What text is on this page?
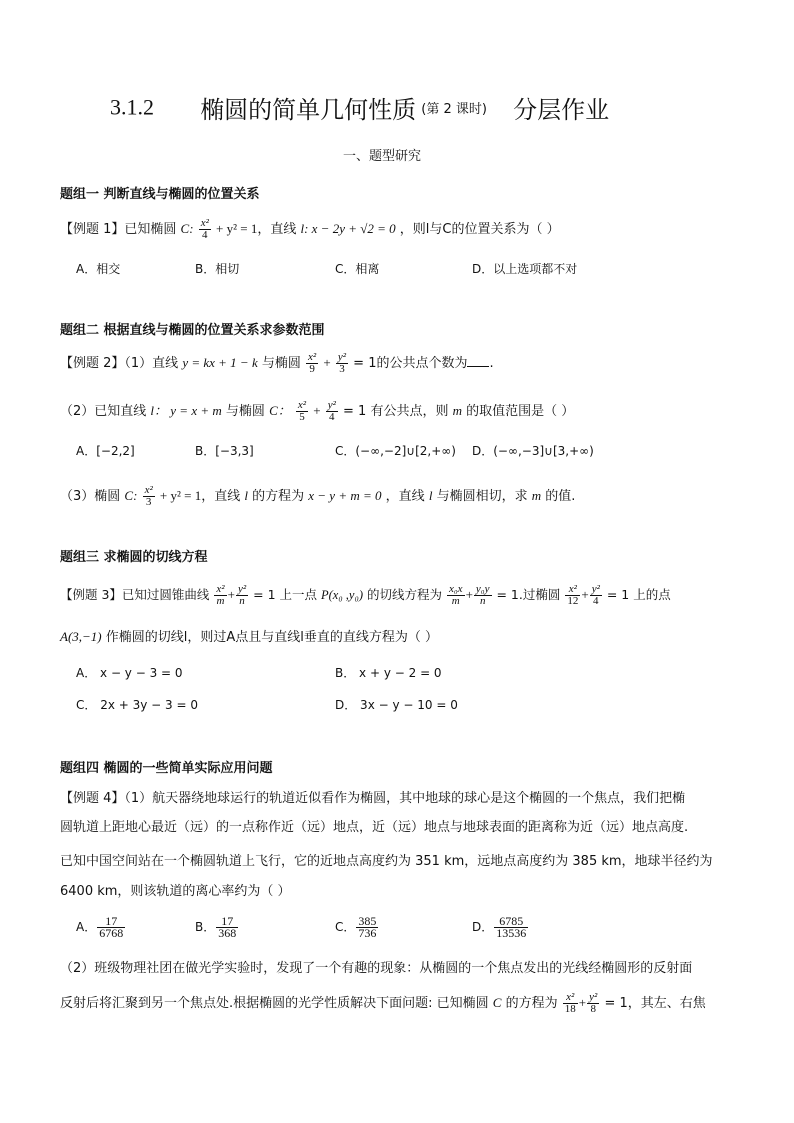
3.1.2 椭圆的简单几何性质 (第 2 课时) 分层作业
一、题型研究
题组一 判断直线与椭圆的位置关系
【例题 1】已知椭圆 C: $\frac{\text{x²}}{4} + y^2 = 1$，直线 l: x − 2y + √2 = 0 ，则l与C的位置关系为（ ）
A．相交	B．相切	C．相离	D．以上选项都不对
题组二 根据直线与椭圆的位置关系求参数范围
【例题 2】（1）直线 y = kx + 1 − k 与椭圆 $\frac{\text{x²}}{9} + \frac{\text{y²}}{3} = 1$的公共点个数为 .
（2）已知直线 l： y = x + m 与椭圆 C： $\frac{\text{x²}}{5} + \frac{\text{y²}}{4} = 1$ 有公共点，则 m 的取值范围是（ ）
A．[−2,2]	B．[−3,3]	C．(−∞,−2]∪[2,+∞) D．(−∞,−3]∪[3,+∞)
（3）椭圆 C: $\frac{\text{x²}}{3} + y^2 = 1$，直线 l 的方程为 x − y + m = 0 ，直线 l 与椭圆相切，求 m 的值.
题组三 求椭圆的切线方程
【例题 3】已知过圆锥曲线 $\frac{\text{x²}}{m} + \frac{\text{y²}}{n} = 1$ 上一点 P(x₀ ,y₀) 的切线方程为 $\frac{\text{x₀x}}{m} + \frac{\text{y₀y}}{n} = 1$.过椭圆 $\frac{\text{x²}}{12} + \frac{\text{y²}}{4} = 1$ 上的点
A(3,−1) 作椭圆的切线l，则过A点且与直线l垂直的直线方程为（ ）
A． x − y − 3 = 0	B． x + y − 2 = 0
C． 2x + 3y − 3 = 0	D． 3x − y − 10 = 0
题组四 椭圆的一些简单实际应用问题
【例题 4】（1）航天器绕地球运行的轨道近似看作为椭圆，其中地球的球心是这个椭圆的一个焦点，我们把椭
圆轨道上距地心最近（远）的一点称作近（远）地点，近（远）地点与地球表面的距离称为近（远）地点高度.
已知中国空间站在一个椭圆轨道上飞行，它的近地点高度约为 351 km，远地点高度约为 385 km，地球半径约为
6400 km，则该轨道的离心率约为（ ）
A． $\frac{17}{6768}$	B． $\frac{17}{368}$	C． $\frac{385}{736}$	D． $\frac{6785}{13536}$
（2）班级物理社团在做光学实验时，发现了一个有趣的现象：从椭圆的一个焦点发出的光线经椭圆形的反射面
反射后将汇聚到另一个焦点处.根据椭圆的光学性质解决下面问题: 已知椭圆 C 的方程为 $\frac{\text{x²}}{18} + \frac{\text{y²}}{8} = 1$，其左、右焦
